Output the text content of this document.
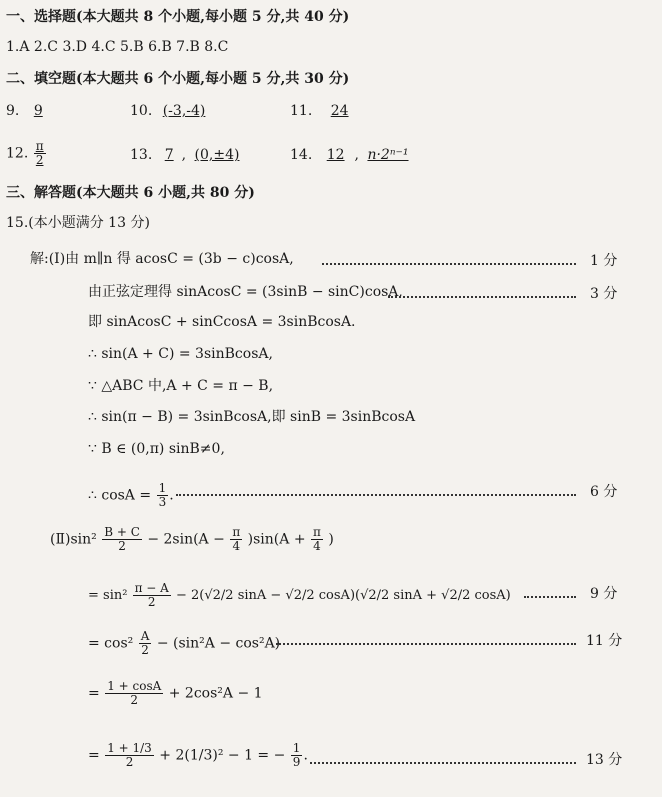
一、选择题(本大题共 8 个小题,每小题 5 分,共 40 分)
1.A 2.C 3.D 4.C 5.B 6.B 7.B 8.C
二、填空题(本大题共 6 个小题,每小题 5 分,共 30 分)
9. 9	10. (-3,-4)	11. 24
12. $\frac{\pi}{2}$	13. 7 , (0,±4)	14. 12 , n·2ⁿ⁻¹
三、解答题(本大题共 6 小题,共 80 分)
15.(本小题满分 13 分)
解:(Ⅰ)由 m∥n 得 acosC = (3b − c)cosA,	1 分
由正弦定理得 sinAcosC = (3sinB − sinC)cosA,	3 分
即 sinAcosC + sinCcosA = 3sinBcosA.
∴ sin(A + C) = 3sinBcosA,
∵ △ABC 中,A + C = π − B,
∴ sin(π − B) = 3sinBcosA,即 sinB = 3sinBcosA
∵ B ∈ (0,π) sinB≠0,
∴ $\cos A = \frac{1}{3}$ .	6 分
(Ⅱ)sin² $\frac{B + C}{2} - 2\sin(A - \frac{\pi}{4} )\sin(A + \frac{\pi}{4}$ )
= $\sin^2 \frac{\pi - A}{2} - 2(√2/2$ sinA − √2/2 cosA)(√2/2 sinA + √2/2 cosA)	9 分
= $\cos^2 \frac{A}{2} - (\sin^2A - \cos^2A)$	11 分
= $\frac{1 + \cos A}{2} + 2\cos^2A - 1$
= $\frac{1 + 1/3}{2} + 2(1/3)^2 - 1$ = − $\frac{1}{9}$ .	13 分
